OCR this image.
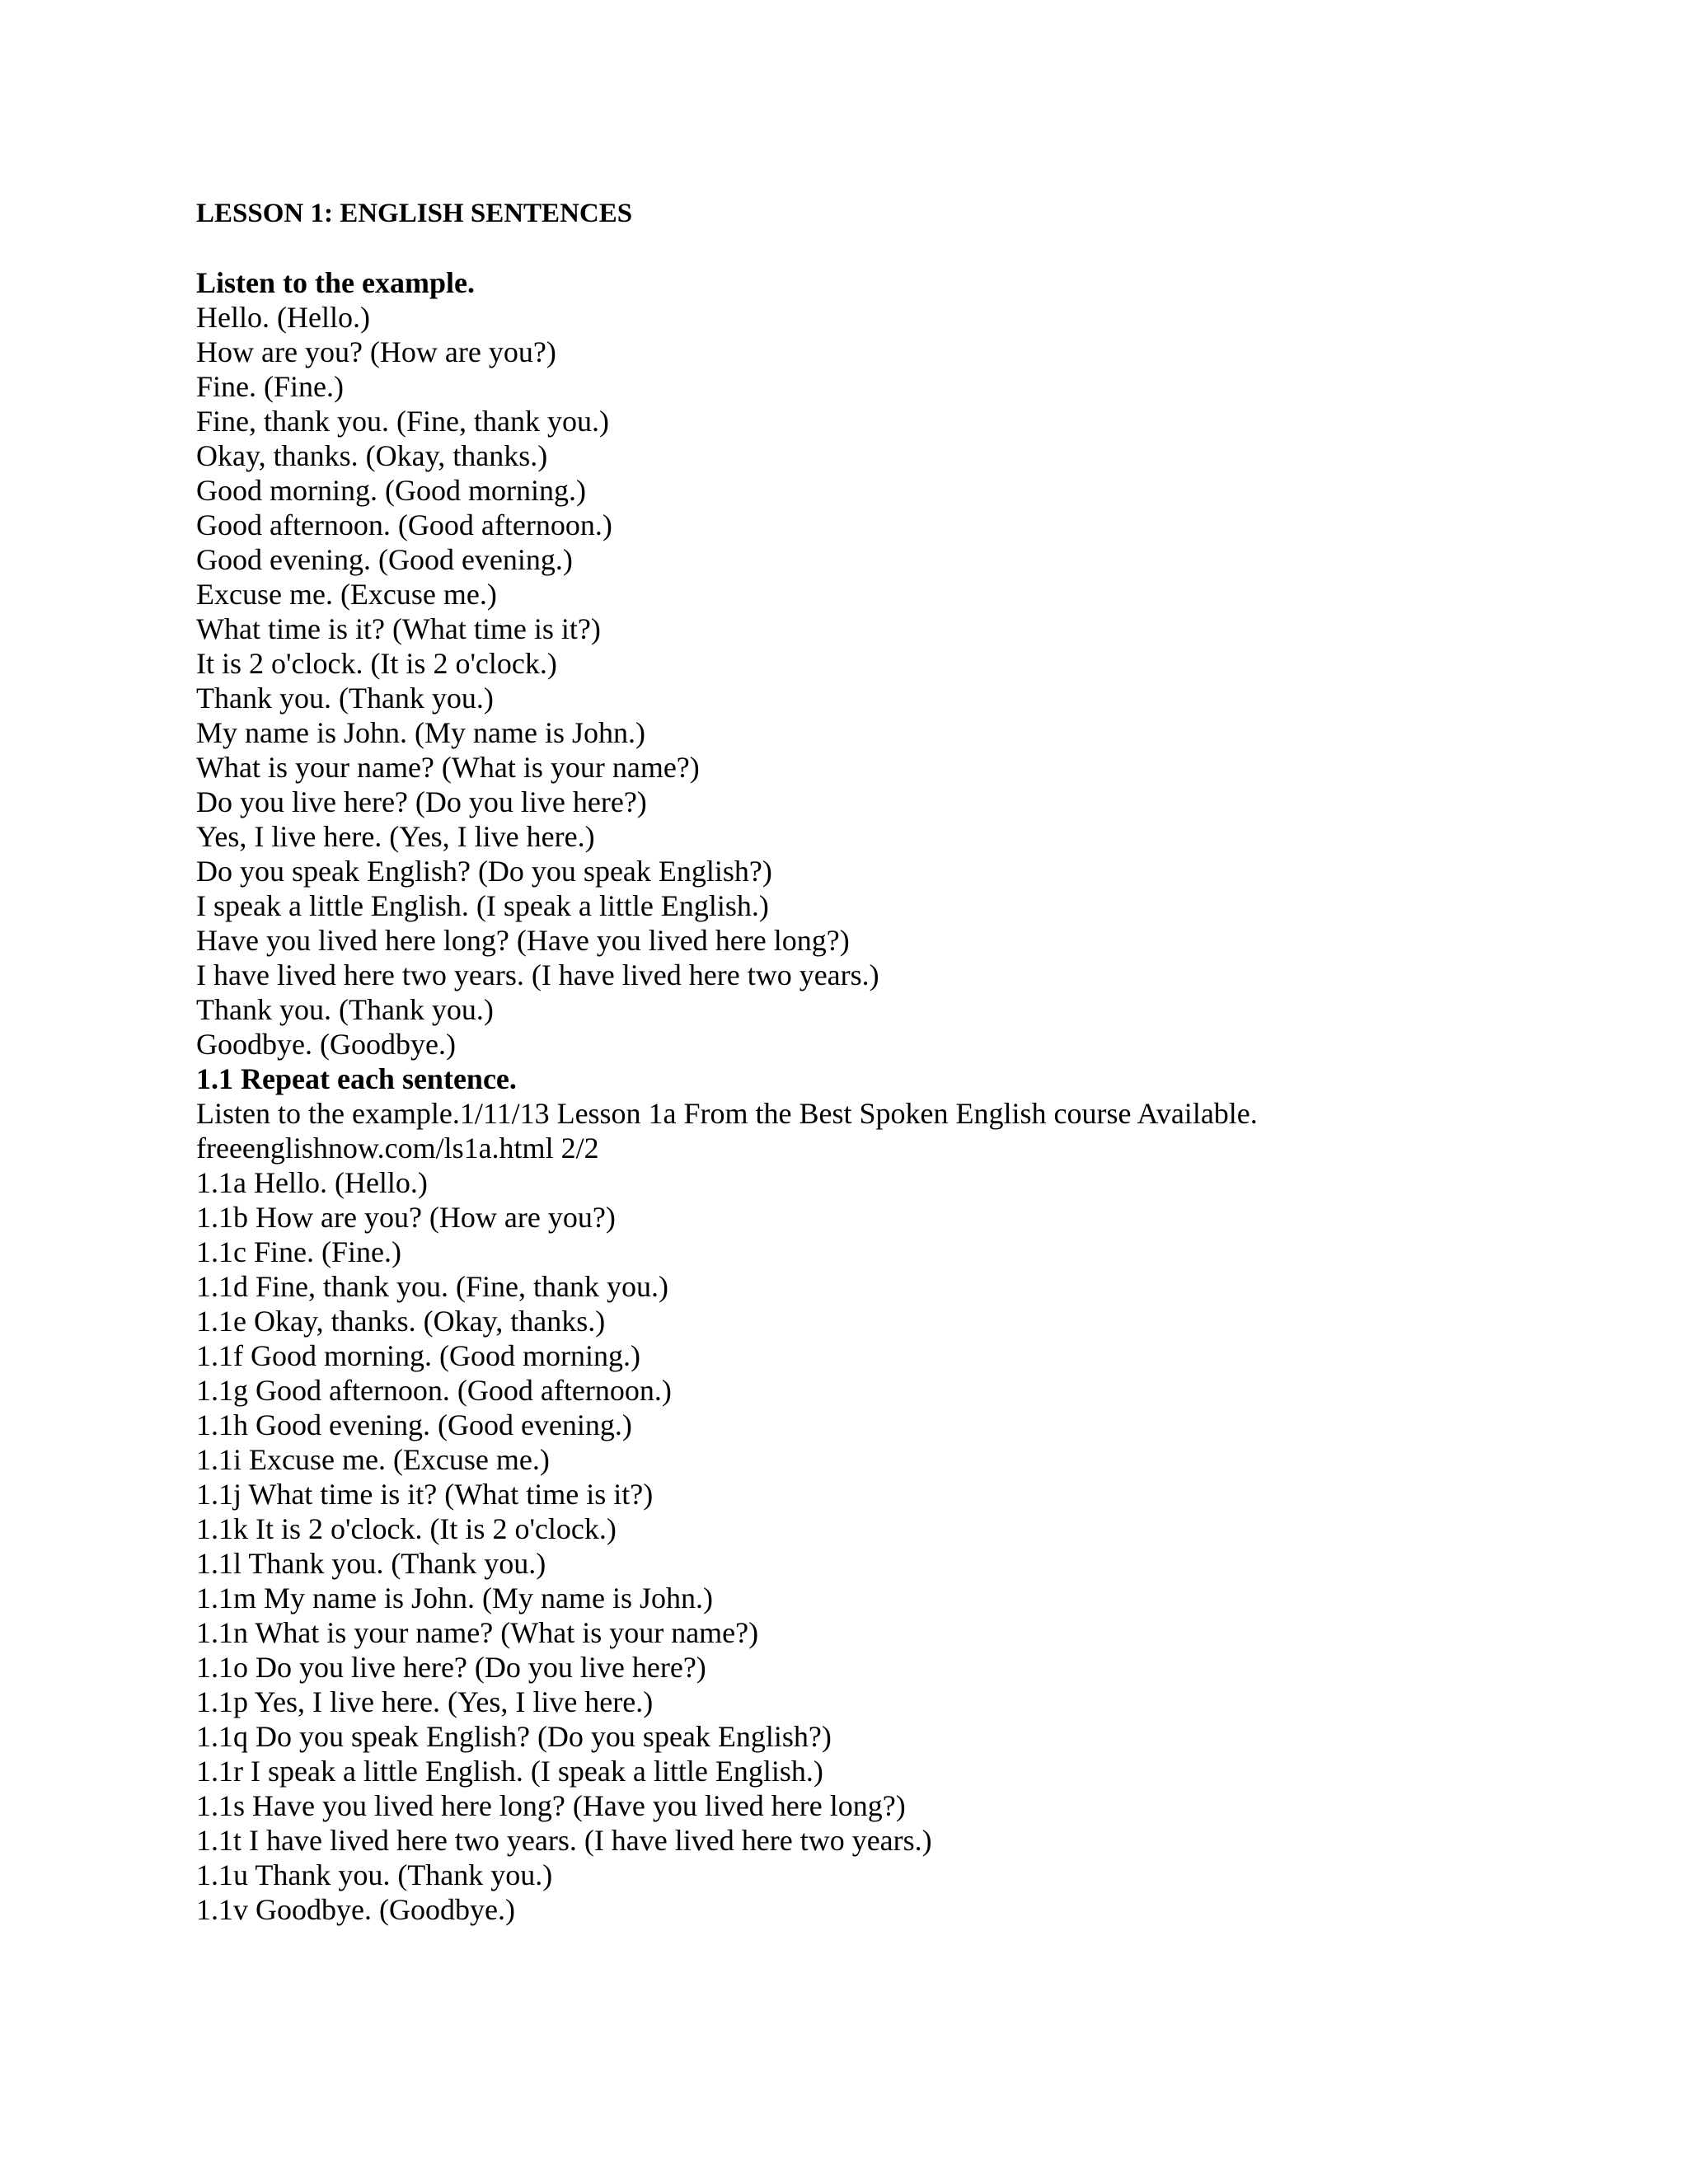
LESSON 1: ENGLISH SENTENCES

Listen to the example.

Hello. (Hello.)

How are you? (How are you?)

Fine. (Fine.)

Fine, thank you. (Fine, thank you.)

Okay, thanks. (Okay, thanks.)

Good morning. (Good morning.)

Good afternoon. (Good afternoon.)

Good evening. (Good evening.)

Excuse me. (Excuse me.)

What time is it? (What time is it?)

It is 2 o'clock. (It is 2 o'clock.)

Thank you. (Thank you.)

My name is John. (My name is John.)

What is your name? (What is your name?)

Do you live here? (Do you live here?)

Yes, I live here. (Yes, I live here.)

Do you speak English? (Do you speak English?)

I speak a little English. (I speak a little English.)

Have you lived here long? (Have you lived here long?)

I have lived here two years. (I have lived here two years.)

Thank you. (Thank you.)

Goodbye. (Goodbye.)

1.1 Repeat each sentence.

Listen to the example.1/11/13 Lesson 1a From the Best Spoken English course Available.

freeenglishnow.com/ls1a.html 2/2

1.1a Hello. (Hello.)

1.1b How are you? (How are you?)

1.1c Fine. (Fine.)

1.1d Fine, thank you. (Fine, thank you.)

1.1e Okay, thanks. (Okay, thanks.)

1.1f Good morning. (Good morning.)

1.1g Good afternoon. (Good afternoon.)

1.1h Good evening. (Good evening.)

1.1i Excuse me. (Excuse me.)

1.1j What time is it? (What time is it?)

1.1k It is 2 o'clock. (It is 2 o'clock.)

1.1l Thank you. (Thank you.)

1.1m My name is John. (My name is John.)

1.1n What is your name? (What is your name?)

1.1o Do you live here? (Do you live here?)

1.1p Yes, I live here. (Yes, I live here.)

1.1q Do you speak English? (Do you speak English?)

1.1r I speak a little English. (I speak a little English.)

1.1s Have you lived here long? (Have you lived here long?)

1.1t I have lived here two years. (I have lived here two years.)

1.1u Thank you. (Thank you.)

1.1v Goodbye. (Goodbye.)
